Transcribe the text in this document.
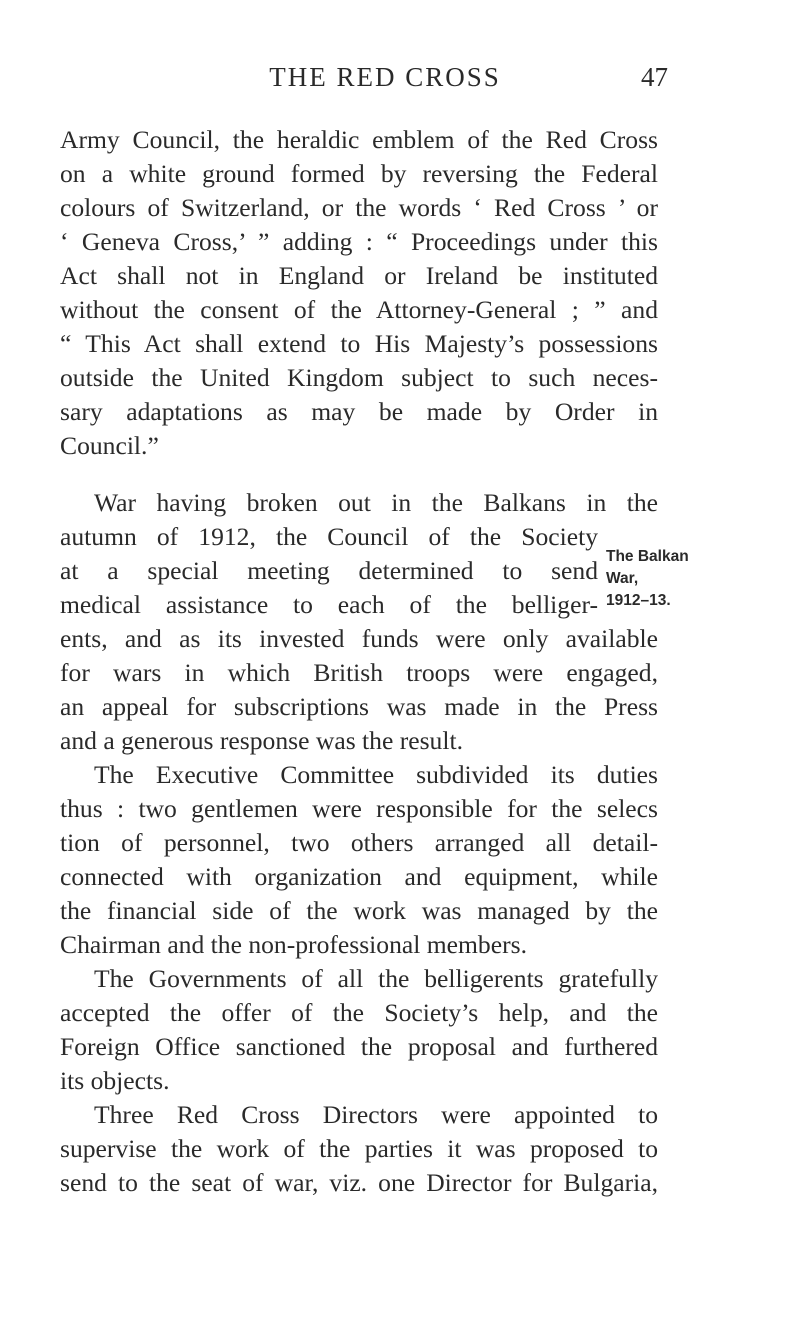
THE RED CROSS	47
Army Council, the heraldic emblem of the Red Cross
on a white ground formed by reversing the Federal
colours of Switzerland, or the words ‘ Red Cross ’ or
‘ Geneva Cross,’ ” adding : “ Proceedings under this
Act shall not in England or Ireland be instituted
without the consent of the Attorney-General ; ” and
“ This Act shall extend to His Majesty’s possessions
outside the United Kingdom subject to such neces-
sary adaptations as may be made by Order in
Council.”
War having broken out in the Balkans in the
autumn of 1912, the Council of the Society
at a special meeting determined to send
medical assistance to each of the belliger-
ents, and as its invested funds were only available
for wars in which British troops were engaged,
an appeal for subscriptions was made in the Press
and a generous response was the result.
The Executive Committee subdivided its duties
thus : two gentlemen were responsible for the selecs
tion of personnel, two others arranged all detail-
connected with organization and equipment, while
the financial side of the work was managed by the
Chairman and the non-professional members.
The Governments of all the belligerents gratefully
accepted the offer of the Society’s help, and the
Foreign Office sanctioned the proposal and furthered
its objects.
Three Red Cross Directors were appointed to
supervise the work of the parties it was proposed to
send to the seat of war, viz. one Director for Bulgaria,
The Balkan
War,
1912–13.
